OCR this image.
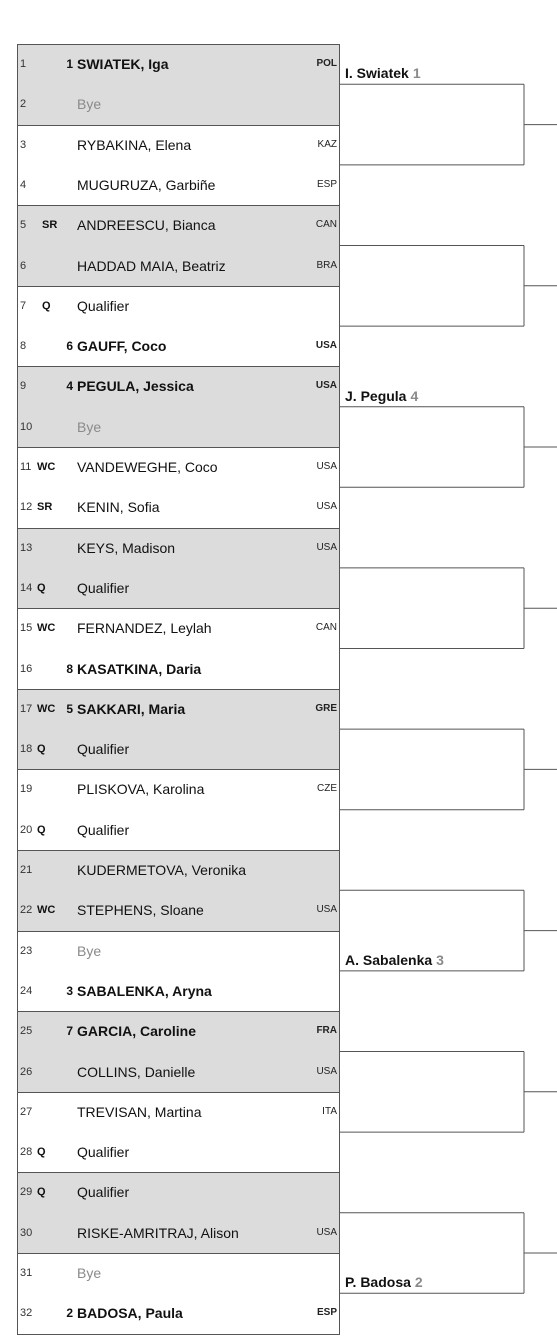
1	1 SWIATEK, Iga	POL
2	Bye
3	RYBAKINA, Elena	KAZ
4	MUGURUZA, Garbiñe	ESP
5 SR ANDREESCU, Bianca	CAN
6	HADDAD MAIA, Beatriz	BRA
7 Q Qualifier
8	6 GAUFF, Coco	USA
9	4 PEGULA, Jessica	USA
10	Bye
11 WC VANDEWEGHE, Coco	USA
12 SR KENIN, Sofia	USA
13	KEYS, Madison	USA
14 Q Qualifier
15 WC FERNANDEZ, Leylah	CAN
16	8 KASATKINA, Daria
17 WC 5 SAKKARI, Maria	GRE
18 Q Qualifier
19	PLISKOVA, Karolina	CZE
20 Q Qualifier
21	KUDERMETOVA, Veronika
22 WC STEPHENS, Sloane	USA
23	Bye
24	3 SABALENKA, Aryna
25	7 GARCIA, Caroline	FRA
26	COLLINS, Danielle	USA
27	TREVISAN, Martina	ITA
28 Q Qualifier
29 Q Qualifier
30	RISKE-AMRITRAJ, Alison	USA
31	Bye
32	2 BADOSA, Paula	ESP
I. Swiatek 1
J. Pegula 4
A. Sabalenka 3
P. Badosa 2
